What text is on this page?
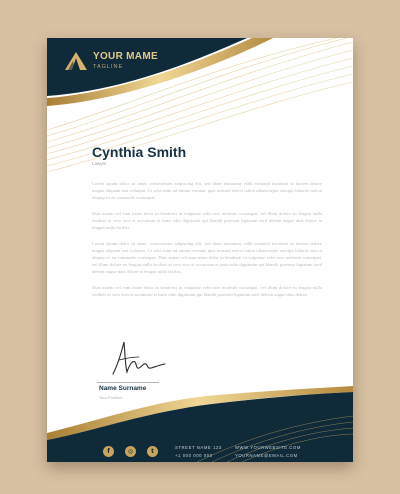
YOUR MAME
TAGLINE
Cynthia Smith
Lawyer

Lorem ipsum dolor sit amet, consectetuer adipiscing elit, sed diam nonummy nibh euismod tincidunt ut laoreet dolore magna aliquam erat volutpat. Ut wisi enim ad minim veniam, quis nostrud exerci tation ullamcorper suscipit lobortis nisl ut aliquip ex ea commodo consequat.

Duis autem vel eum iriure dolor in hendrerit in vulputate velit esse molestie consequat, vel illum dolore eu feugiat nulla facilisis at vero eros et accumsan et iusto odio dignissim qui blandit praesent luptatum zzril delenit augue duis dolore te feugait nulla facilisi.

Lorem ipsum dolor sit amet, consectetuer adipiscing elit, sed diam nonummy nibh euismod tincidunt ut laoreet dolore magna aliquam erat volutpat. Ut wisi enim ad minim veniam, quis nostrud exerci tation ullamcorper suscipit lobortis nisl ut aliquip ex ea commodo consequat. Duis autem vel eum iriure dolor in hendrerit in vulputate velit esse molestie consequat, vel illum dolore eu feugiat nulla facilisis at vero eros et accumsan et iusto odio dignissim qui blandit praesent luptatum zzril delenit augue duis dolore te feugait nulla facilisi.

Duis autem vel eum iriure dolor in hendrerit in vulputate velit esse molestie consequat, vel illum dolore eu feugiat nulla facilisis at vero eros et accumsan et iusto odio dignissim qui blandit praesent luptatum zzril delenit augue duis dolore.

Name Surname
Your Position
f	◎	t
STREET NAME 123
+1 000 000 000
WWW.YOURWEBSITE.COM
YOURNAME@EMAIL.COM
